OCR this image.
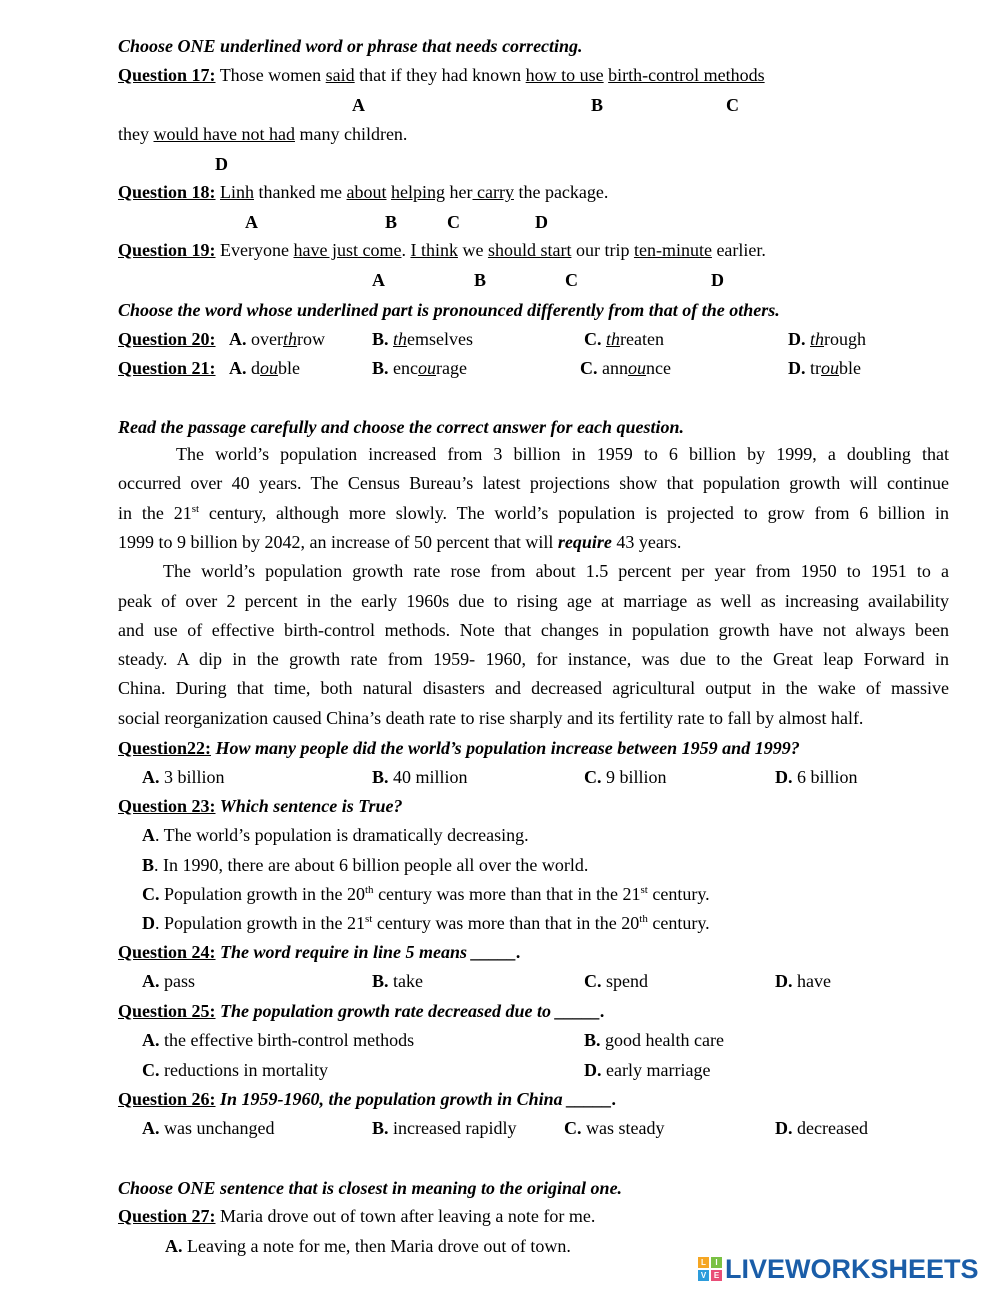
Choose ONE underlined word or phrase that needs correcting.
Question 17: Those women said that if they had known how to use birth-control methods
A	B	C
they would have not had many children.
D
Question 18: Linh thanked me about helping her carry the package.
A	B	C	D
Question 19: Everyone have just come. I think we should start our trip ten-minute earlier.
A	B	C	D
Choose the word whose underlined part is pronounced differently from that of the others.
Question 20: A. overthrow	B. themselves	C. threaten	D. through
Question 21: A. double	B. encourage	C. announce	D. trouble
Read the passage carefully and choose the correct answer for each question.
The world’s population increased from 3 billion in 1959 to 6 billion by 1999, a doubling that
occurred over 40 years. The Census Bureau’s latest projections show that population growth will continue
in the 21st century, although more slowly. The world’s population is projected to grow from 6 billion in
1999 to 9 billion by 2042, an increase of 50 percent that will require 43 years.
The world’s population growth rate rose from about 1.5 percent per year from 1950 to 1951 to a
peak of over 2 percent in the early 1960s due to rising age at marriage as well as increasing availability
and use of effective birth-control methods. Note that changes in population growth have not always been
steady. A dip in the growth rate from 1959- 1960, for instance, was due to the Great leap Forward in
China. During that time, both natural disasters and decreased agricultural output in the wake of massive
social reorganization caused China’s death rate to rise sharply and its fertility rate to fall by almost half.
Question22: How many people did the world’s population increase between 1959 and 1999?
A. 3 billion	B. 40 million	C. 9 billion	D. 6 billion
Question 23: Which sentence is True?
A. The world’s population is dramatically decreasing.
B. In 1990, there are about 6 billion people all over the world.
C. Population growth in the 20th century was more than that in the 21st century.
D. Population growth in the 21st century was more than that in the 20th century.
Question 24: The word require in line 5 means _____.
A. pass	B. take	C. spend	D. have
Question 25: The population growth rate decreased due to _____.
A. the effective birth-control methods	B. good health care
C. reductions in mortality	D. early marriage
Question 26: In 1959-1960, the population growth in China _____.
A. was unchanged	B. increased rapidly	C. was steady	D. decreased
Choose ONE sentence that is closest in meaning to the original one.
Question 27: Maria drove out of town after leaving a note for me.
A. Leaving a note for me, then Maria drove out of town.
L	I
V E LIVEWORKSHEETS
